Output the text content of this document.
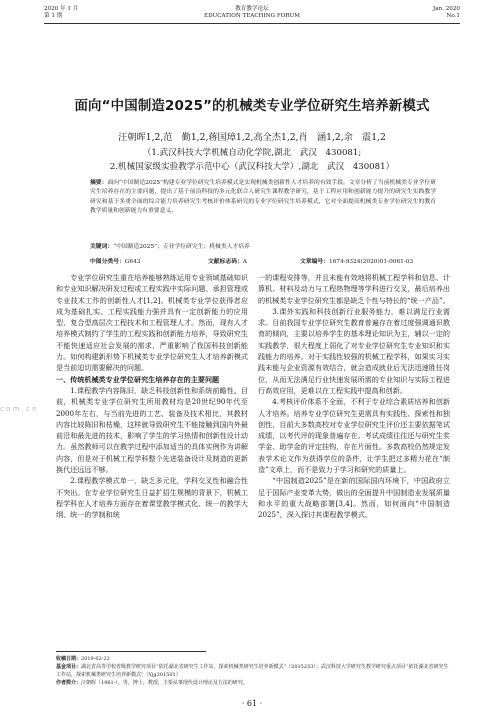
2020 年 1 月
第 1 期
教育教学论坛
EDUCATION TEACHING FORUM
Jan. 2020
No.1
面向“中国制造2025”的机械类专业学位研究生培养新模式
汪朝晖1,2,范　勤1,2,蒋国璋1,2,高全杰1,2,肖　涵1,2,余　震1,2
（1.武汉科技大学机械自动化学院,湖北　武汉　430081;
2.机械国家级实验教学示范中心（武汉科技大学）,湖北　武汉　430081）
摘要：面向“中国制造2025”构建专业学位研究生培养模式是实现机械类创新性人才培养的有效手段。文章分析了当前机械类专业学位研究生培养存在的主要问题，提出了基于前沿科技的多元化联合人研究生课程教学研究，基于工程应用和创新能力提升的研究生实践教学研究和基于多重全面的综合能力培养研究生考核评价体系研究的专业学位研究生培养模式，它对全面提高机械类专业学位研究生的教育教学质量和创新能力有重要意义。
关键词：“中国制造2025”；专业学位研究生；机械类人才培养
中图分类号：G643	文献标志码：A	文章编号：1674-9324(2020)01-0061-03

专业学位研究生重在培养能够熟练运用专业领域基础知识和专业知识解决研发过程或工程实践中实际问题、承担管理或专业技术工作的创新性人才[1,2]。机械类专业学位获得者应成为基础扎实、工程实践能力强并具有一定创新能力的应用型、复合型高层次工程技术和工程管理人才。然而，现有人才培养模式制约了学生的工程实践和创新能力培养，导致研究生不能快速适应社会发展的需求，严重影响了我国科技创新能力。如何构建新形势下机械类专业学位研究生人才培养新模式是当前迫切需要解决的问题。

一、传统机械类专业学位研究生培养存在的主要问题

1.课程教学内容陈旧，缺乏科技创新性和系统前瞻性。目前，机械类专业学位研究生所用教材均是20世纪90年代至2000年左右，与当前先进的工艺、装备及技术相比，其教材内容比较陈旧和枯燥，这样就导致研究生不能接触到国内外最前沿和最先进的技术，影响了学生的学习热情和创新性设计动力。虽然教师可以在教学过程中添加适当的具体实例作为讲解内容，但是对于机械工程学科整个先进装备设计及制造的更新换代还远远不够。

2.课程教学模式单一，缺乏多元化，学科交叉性和融合性不突出。在专业学位研究生日益扩招生规模的背景下，机械工程学科在人才培养方面存在着课堂教学模式化、统一的教学大纲、统一的学制和统

一的课程安排等，并且未能有效地将机械工程学科和信息、计算机、材料及动力与工程热物理等学科进行交叉，最后培养出的机械类专业学位研究生都是缺乏个性与特长的“统一产品”。

3.课外实践和科技创新行业服务能力，难以满足行业需求。目前我国专业学位研究生教育普遍存在着过度强调通识教育的倾向，主要以培养学生的基本理论知识为主，辅以一定的实践教学，很大程度上弱化了对专业学位研究生专业知识和实践能力的培养。对于实践性较强的机械工程学科，如果实习实践未能与企业资源有效结合，就会造成就业后无法迅速胜任岗位，从而无法满足行业快速发展所需的专业知识与实际工程进行高效应用，更难以在工程实践中提高和创新。

4.考核评价体系不全面，不利于专业综合素质培养和创新人才培养。培养专业学位研究生更需具有实践性、探索性和独创性，目前大多数高校对专业学位研究生评价还主要依据笔试成绩，以考代评的现象普遍存在。考试成绩往往还与研究生奖学金、助学金的评定挂钩，存在片面性。多数高校仍然规定发表学术论文作为获得学位的条件，让学生把过多精力花在“制造”文章上，而不是致力于学习和研究的质量上。

“中国制造2025”是在新的国际国内环境下，中国政府立足于国际产业变革大势，做出的全面提升中国制造业发展质量和水平的重大战略部署[3,4]。然而，如何面向“中国制造2025”，深入探讨其课程教学模式、

c o m . c n

收稿日期：2019-02-22

基金项目：湖北省高等学校省级教学研究项目“依托湖北省研究生工作站，探索机械类研究生培养新模式”（2015233）；武汉科技大学研究生教学研究重点项目“依托湖北省研究生工作站，探索机械类研究生培养新模式”（Yjg201501）

作者简介：汪朝晖（1981-），男，博士，教授，主要从事现代设计理论及方法的研究。

· 61 ·
